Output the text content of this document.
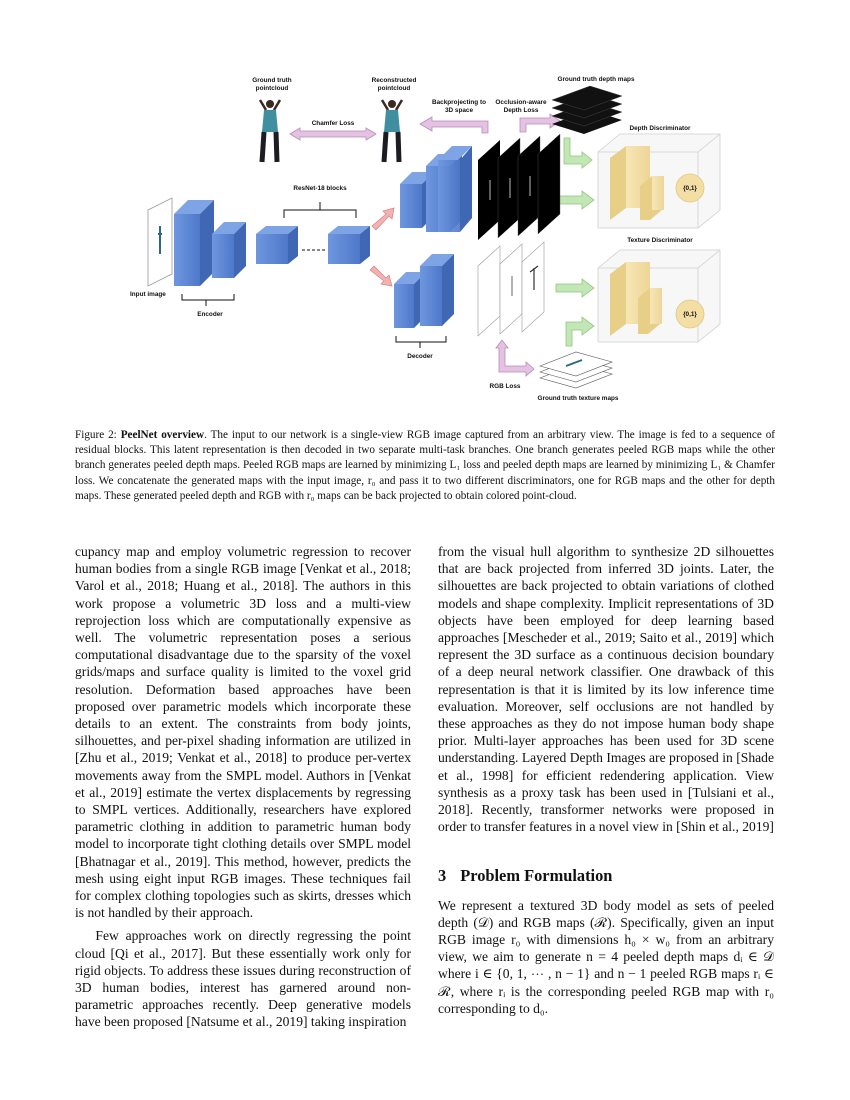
Ground truth
pointcloud
Reconstructed
pointcloud
Backprojecting to
3D space
Occlusion-aware
Depth Loss
Ground truth depth maps
Chamfer Loss
Depth Discriminator
{0,1}
ResNet-18 blocks
Input image
Encoder
Decoder
Texture Discriminator
{0,1}
RGB Loss
Ground truth texture maps
Figure 2: PeelNet overview. The input to our network is a single-view RGB image captured from an arbitrary view. The image is fed to a sequence of residual blocks. This latent representation is then decoded in two separate multi-task branches. One branch generates peeled RGB maps while the other branch generates peeled depth maps. Peeled RGB maps are learned by minimizing L₁ loss and peeled depth maps are learned by minimizing L₁ & Chamfer loss. We concatenate the generated maps with the input image, r₀ and pass it to two different discriminators, one for RGB maps and the other for depth maps. These generated peeled depth and RGB with r₀ maps can be back projected to obtain colored point-cloud.

cupancy map and employ volumetric regression to recover human bodies from a single RGB image [Venkat et al., 2018; Varol et al., 2018; Huang et al., 2018]. The authors in this work propose a volumetric 3D loss and a multi-view reprojection loss which are computationally expensive as well. The volumetric representation poses a serious computational disadvantage due to the sparsity of the voxel grids/maps and surface quality is limited to the voxel grid resolution. Deformation based approaches have been proposed over parametric models which incorporate these details to an extent. The constraints from body joints, silhouettes, and per-pixel shading information are utilized in [Zhu et al., 2019; Venkat et al., 2018] to produce per-vertex movements away from the SMPL model. Authors in [Venkat et al., 2019] estimate the vertex displacements by regressing to SMPL vertices. Additionally, researchers have explored parametric clothing in addition to parametric human body model to incorporate tight clothing details over SMPL model [Bhatnagar et al., 2019]. This method, however, predicts the mesh using eight input RGB images. These techniques fail for complex clothing topologies such as skirts, dresses which is not handled by their approach.

Few approaches work on directly regressing the point cloud [Qi et al., 2017]. But these essentially work only for rigid objects. To address these issues during reconstruction of 3D human bodies, interest has garnered around non-parametric approaches recently. Deep generative models have been proposed [Natsume et al., 2019] taking inspiration

from the visual hull algorithm to synthesize 2D silhouettes that are back projected from inferred 3D joints. Later, the silhouettes are back projected to obtain variations of clothed models and shape complexity. Implicit representations of 3D objects have been employed for deep learning based approaches [Mescheder et al., 2019; Saito et al., 2019] which represent the 3D surface as a continuous decision boundary of a deep neural network classifier. One drawback of this representation is that it is limited by its low inference time evaluation. Moreover, self occlusions are not handled by these approaches as they do not impose human body shape prior. Multi-layer approaches has been used for 3D scene understanding. Layered Depth Images are proposed in [Shade et al., 1998] for efficient redendering application. View synthesis as a proxy task has been used in [Tulsiani et al., 2018]. Recently, transformer networks were proposed in order to transfer features in a novel view in [Shin et al., 2019]

3 Problem Formulation

We represent a textured 3D body model as sets of peeled depth (𝒟) and RGB maps (ℛ). Specifically, given an input RGB image r₀ with dimensions h₀ × w₀ from an arbitrary view, we aim to generate n = 4 peeled depth maps dᵢ ∈ 𝒟 where i ∈ {0, 1, ⋯ , n − 1} and n − 1 peeled RGB maps rᵢ ∈ ℛ, where rᵢ is the corresponding peeled RGB map with r₀ corresponding to d₀.
